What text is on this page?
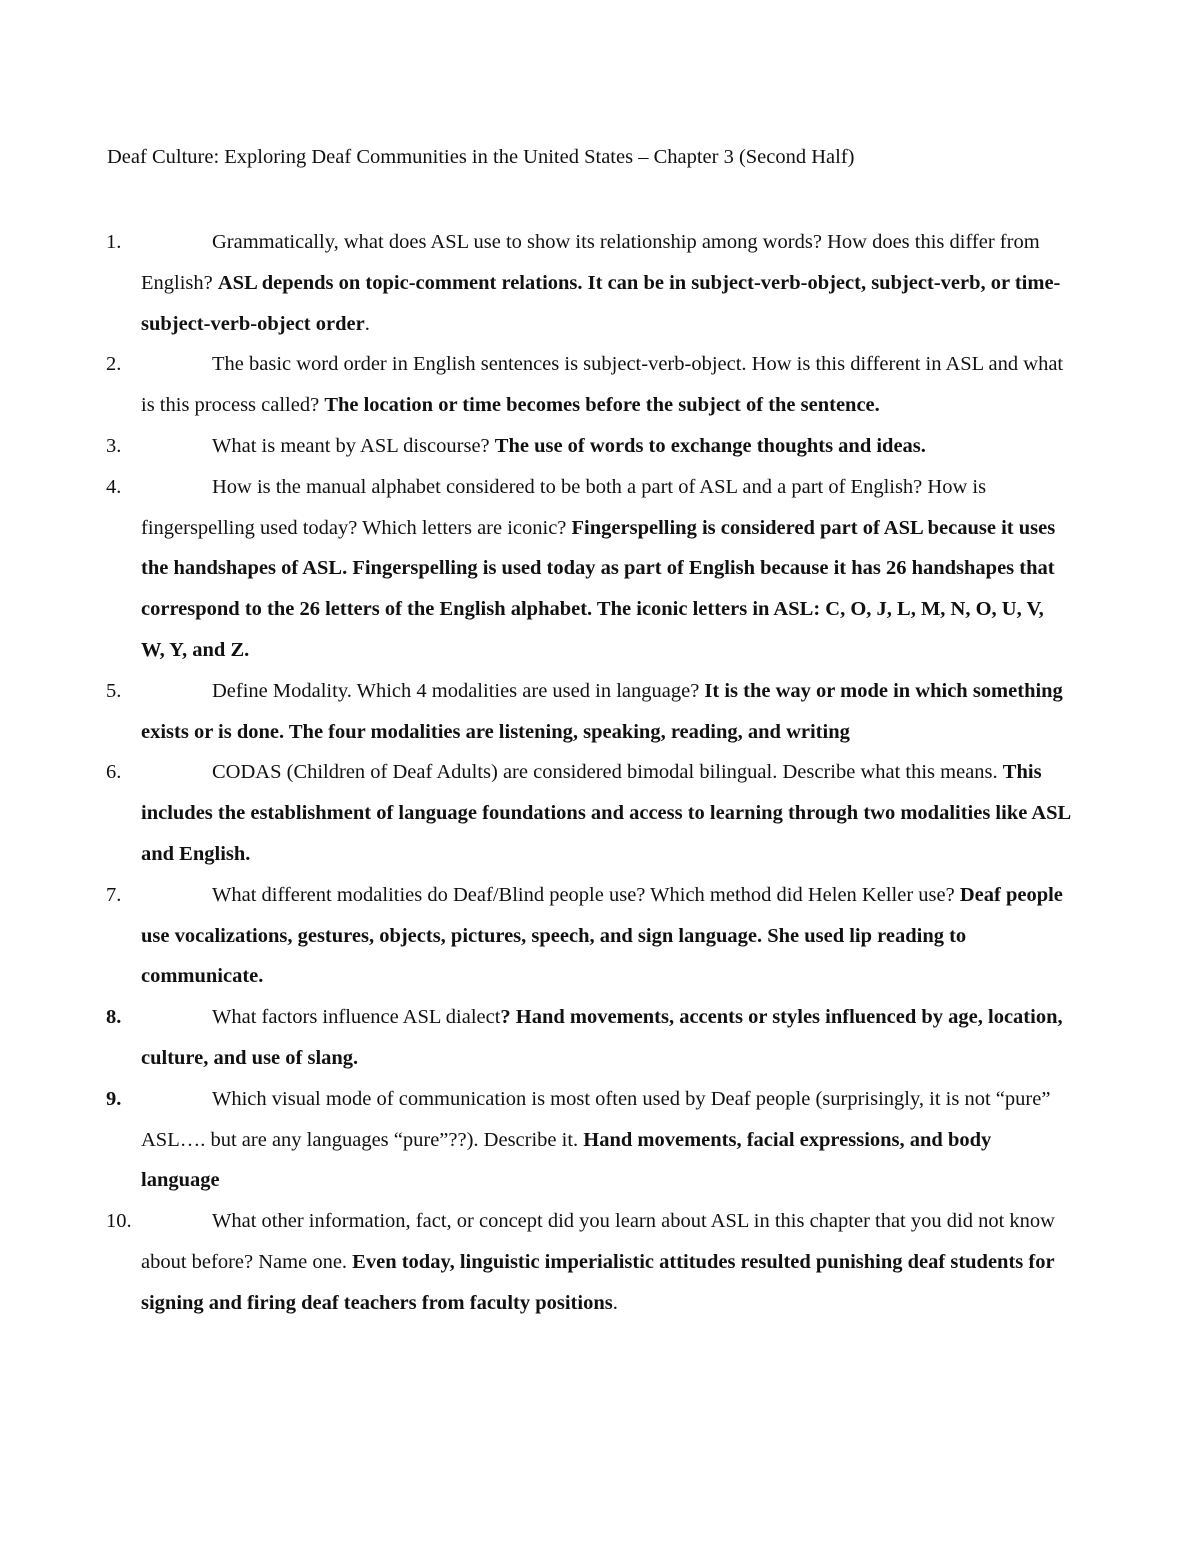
Deaf Culture: Exploring Deaf Communities in the United States – Chapter 3 (Second Half)
1.	Grammatically, what does ASL use to show its relationship among words? How does this differ from English? ASL depends on topic-comment relations. It can be in subject-verb-object, subject-verb, or time-subject-verb-object order.
2.	The basic word order in English sentences is subject-verb-object. How is this different in ASL and what is this process called? The location or time becomes before the subject of the sentence.
3.	What is meant by ASL discourse? The use of words to exchange thoughts and ideas.
4.	How is the manual alphabet considered to be both a part of ASL and a part of English? How is fingerspelling used today? Which letters are iconic? Fingerspelling is considered part of ASL because it uses the handshapes of ASL. Fingerspelling is used today as part of English because it has 26 handshapes that correspond to the 26 letters of the English alphabet. The iconic letters in ASL: C, O, J, L, M, N, O, U, V, W, Y, and Z.
5.	Define Modality. Which 4 modalities are used in language? It is the way or mode in which something exists or is done. The four modalities are listening, speaking, reading, and writing
6.	CODAS (Children of Deaf Adults) are considered bimodal bilingual. Describe what this means. This includes the establishment of language foundations and access to learning through two modalities like ASL and English.
7.	What different modalities do Deaf/Blind people use? Which method did Helen Keller use? Deaf people use vocalizations, gestures, objects, pictures, speech, and sign language. She used lip reading to communicate.
8.	What factors influence ASL dialect? Hand movements, accents or styles influenced by age, location, culture, and use of slang.
9.	Which visual mode of communication is most often used by Deaf people (surprisingly, it is not “pure” ASL…. but are any languages “pure”??). Describe it. Hand movements, facial expressions, and body language
10.	What other information, fact, or concept did you learn about ASL in this chapter that you did not know about before? Name one. Even today, linguistic imperialistic attitudes resulted punishing deaf students for signing and firing deaf teachers from faculty positions.
